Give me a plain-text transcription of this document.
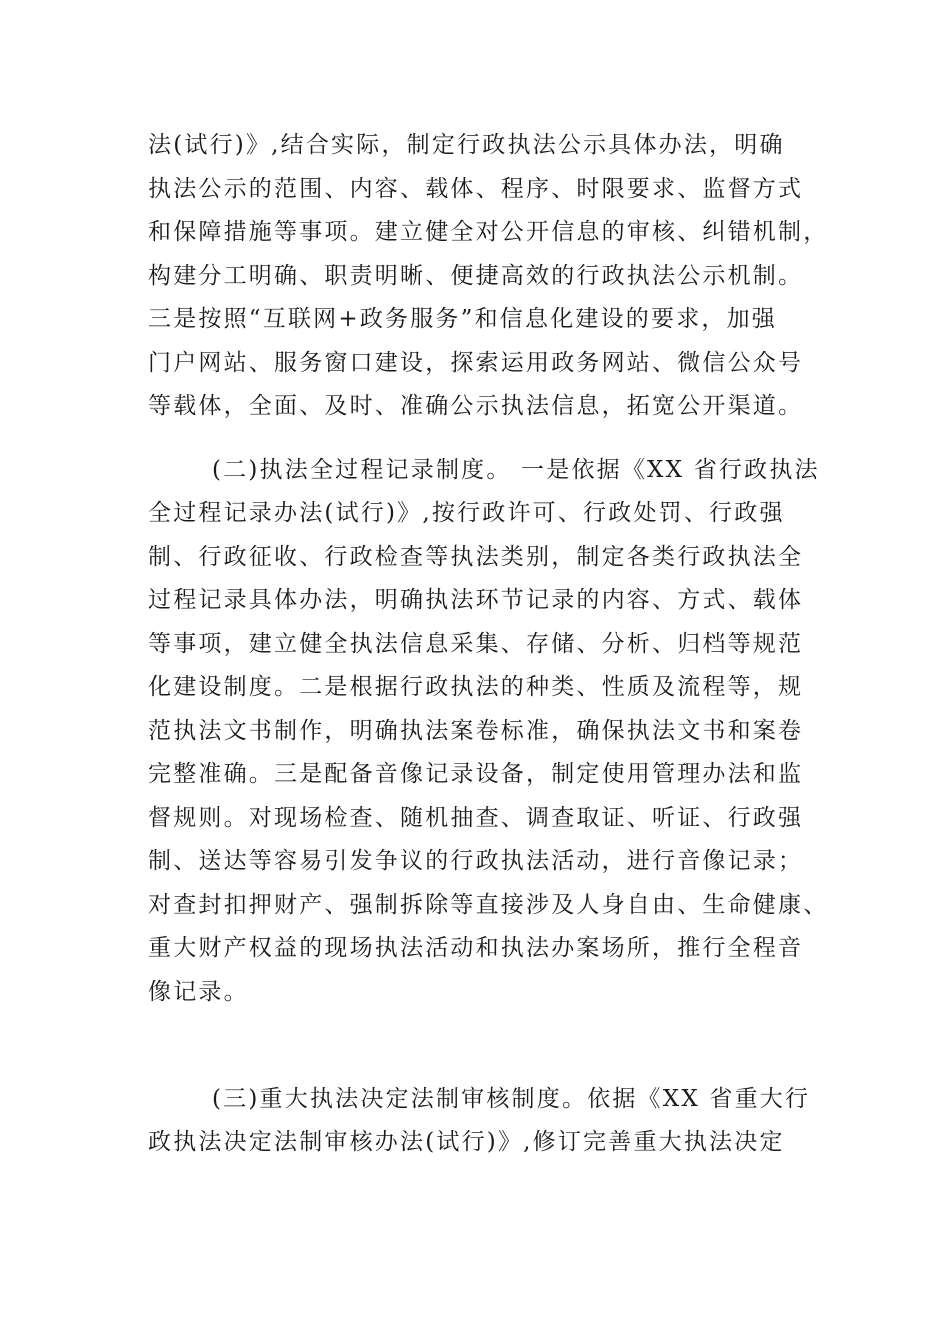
法(试行)》,结合实际，制定行政执法公示具体办法，明确
执法公示的范围、内容、载体、程序、时限要求、监督方式
和保障措施等事项。建立健全对公开信息的审核、纠错机制，
构建分工明确、职责明晰、便捷高效的行政执法公示机制。
三是按照“互联网+政务服务”和信息化建设的要求，加强
门户网站、服务窗口建设，探索运用政务网站、微信公众号
等载体，全面、及时、准确公示执法信息，拓宽公开渠道。
(二)执法全过程记录制度。 一是依据《XX 省行政执法
全过程记录办法(试行)》,按行政许可、行政处罚、行政强
制、行政征收、行政检查等执法类别，制定各类行政执法全
过程记录具体办法，明确执法环节记录的内容、方式、载体
等事项，建立健全执法信息采集、存储、分析、归档等规范
化建设制度。二是根据行政执法的种类、性质及流程等，规
范执法文书制作，明确执法案卷标准，确保执法文书和案卷
完整准确。三是配备音像记录设备，制定使用管理办法和监
督规则。对现场检查、随机抽查、调查取证、听证、行政强
制、送达等容易引发争议的行政执法活动，进行音像记录；
对查封扣押财产、强制拆除等直接涉及人身自由、生命健康、
重大财产权益的现场执法活动和执法办案场所，推行全程音
像记录。
(三)重大执法决定法制审核制度。依据《XX 省重大行
政执法决定法制审核办法(试行)》,修订完善重大执法决定
